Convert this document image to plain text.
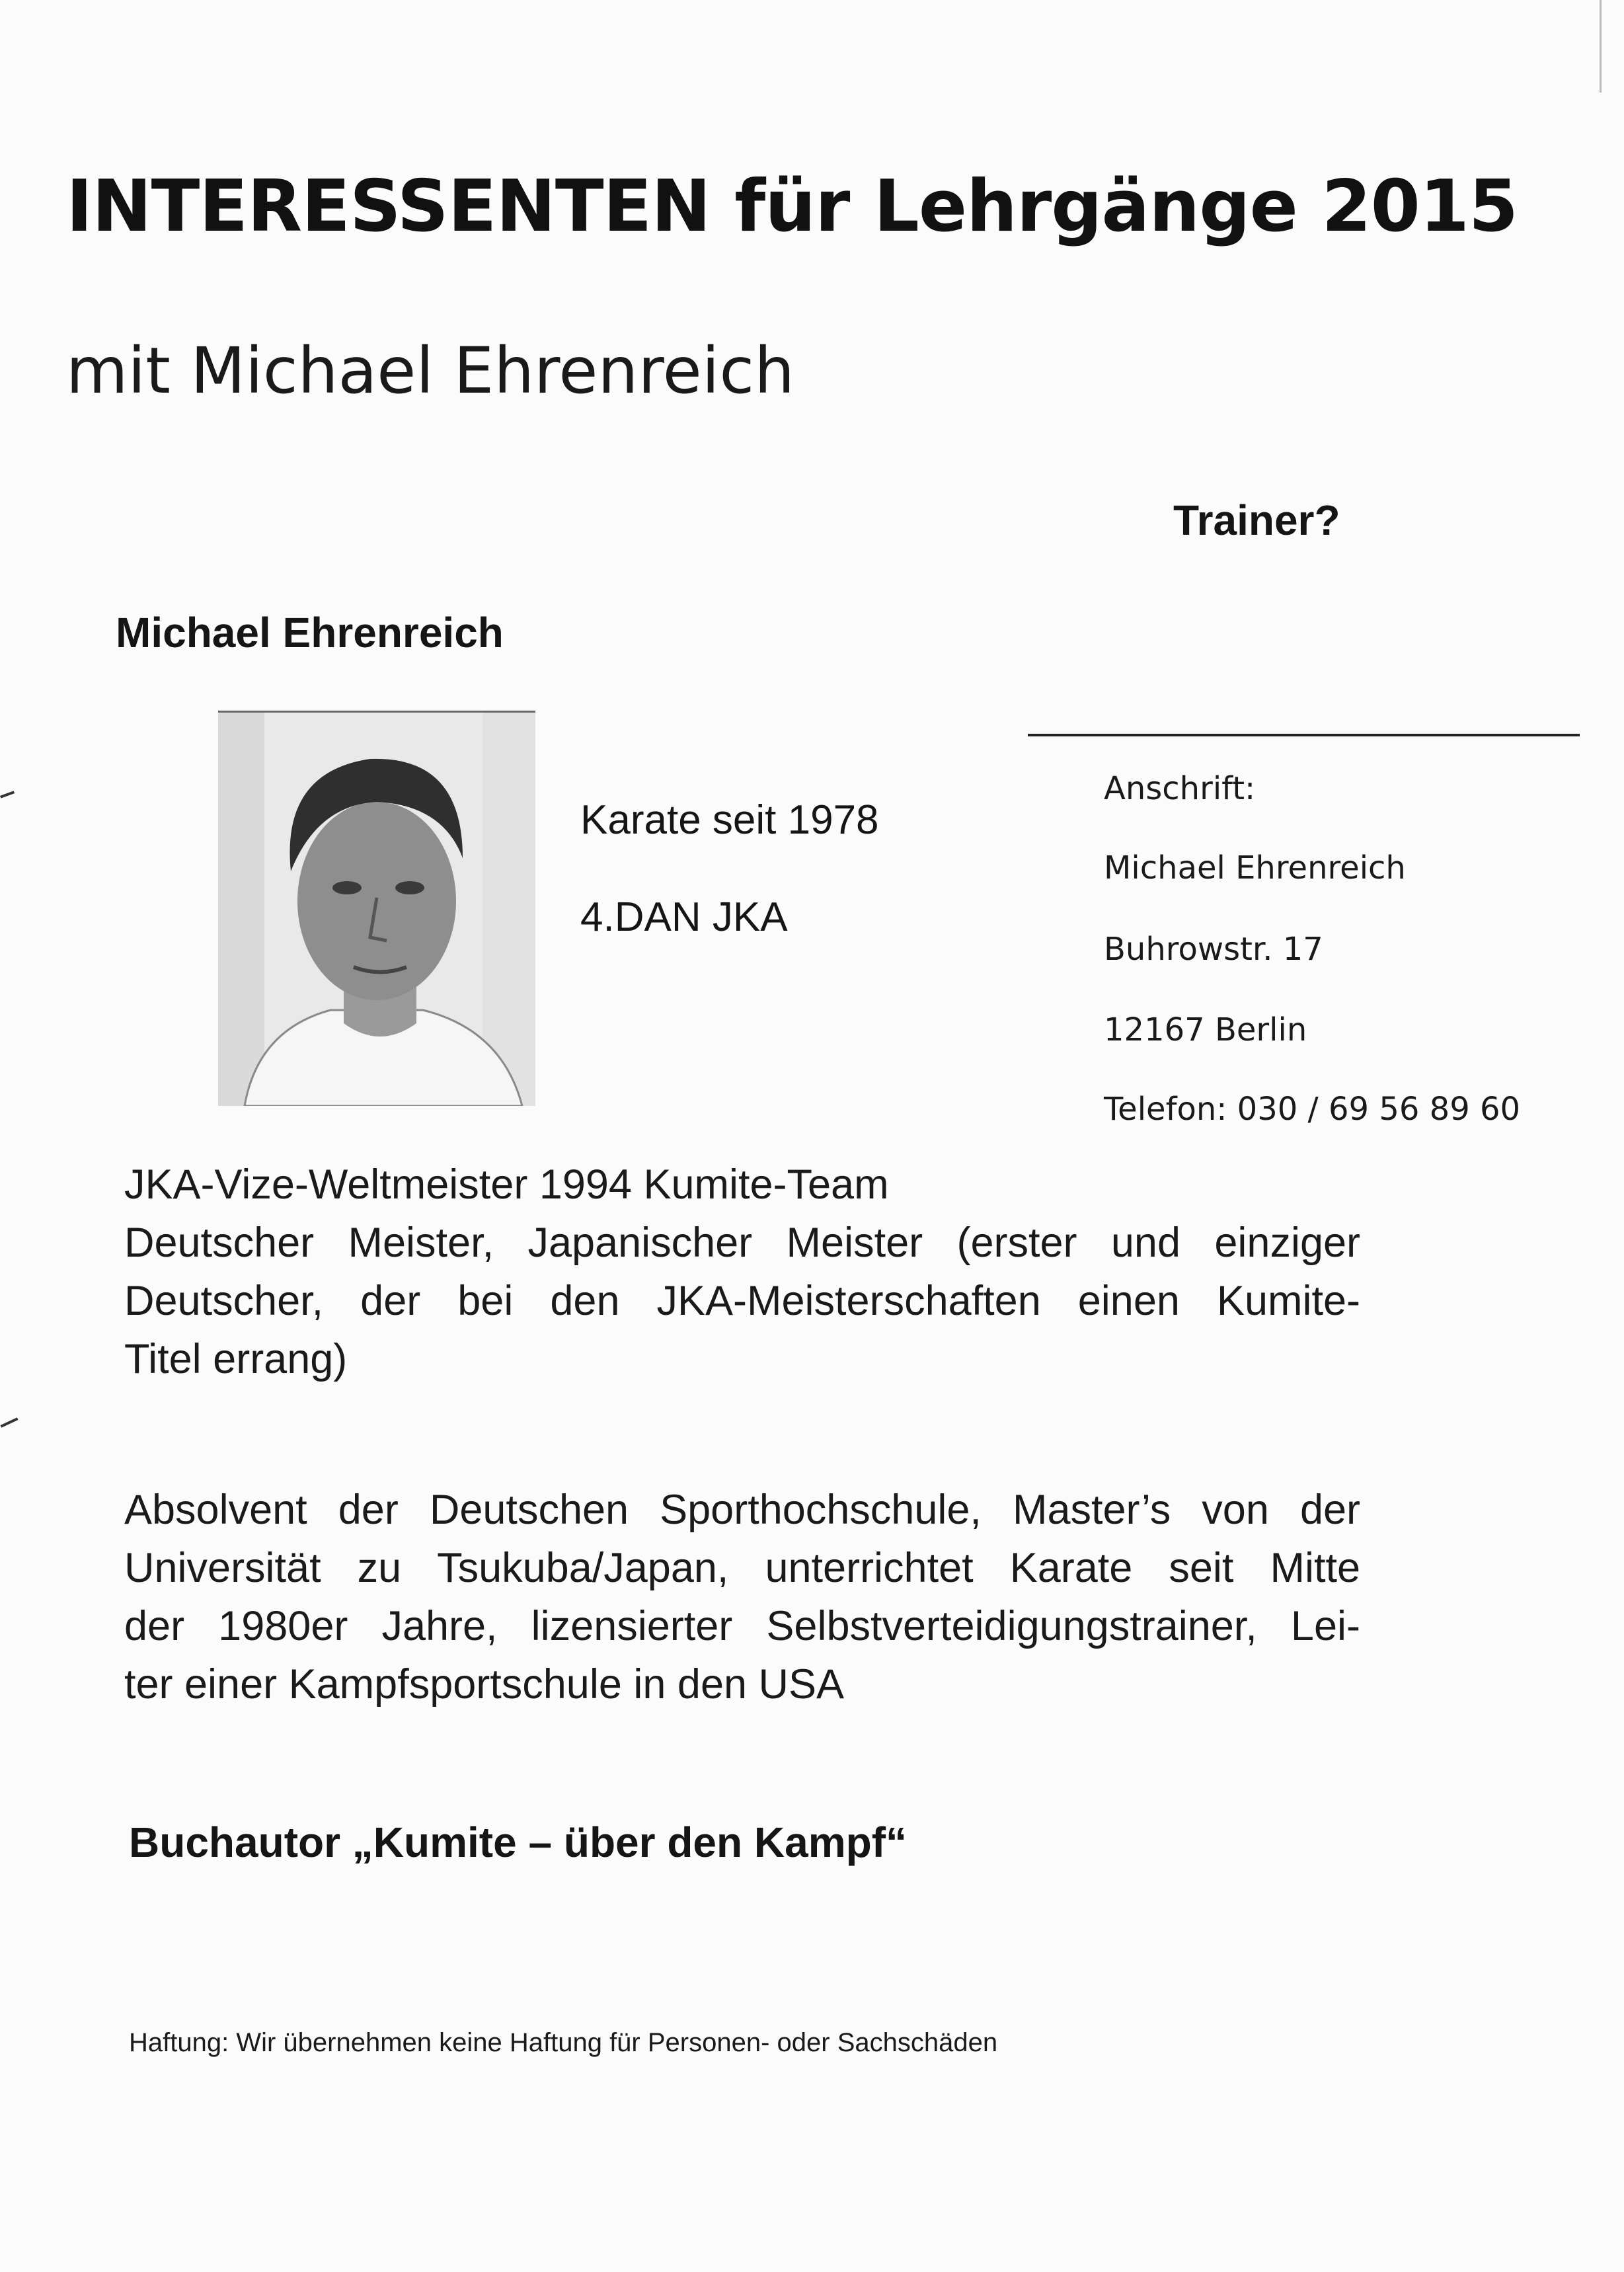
INTERESSENTEN für Lehrgänge 2015
mit Michael Ehrenreich
Trainer?
Michael Ehrenreich
Karate seit 1978
4.DAN JKA
Anschrift:
Michael Ehrenreich
Buhrowstr. 17
12167 Berlin
Telefon: 030 / 69 56 89 60
JKA-Vize-Weltmeister 1994 Kumite-Team
Deutscher Meister, Japanischer Meister (erster und einziger
Deutscher, der bei den JKA-Meisterschaften einen Kumite-
Titel errang)
Absolvent der Deutschen Sporthochschule, Master’s von der
Universität zu Tsukuba/Japan, unterrichtet Karate seit Mitte
der 1980er Jahre, lizensierter Selbstverteidigungstrainer, Lei-
ter einer Kampfsportschule in den USA
Buchautor „Kumite – über den Kampf“
Haftung: Wir übernehmen keine Haftung für Personen- oder Sachschäden
